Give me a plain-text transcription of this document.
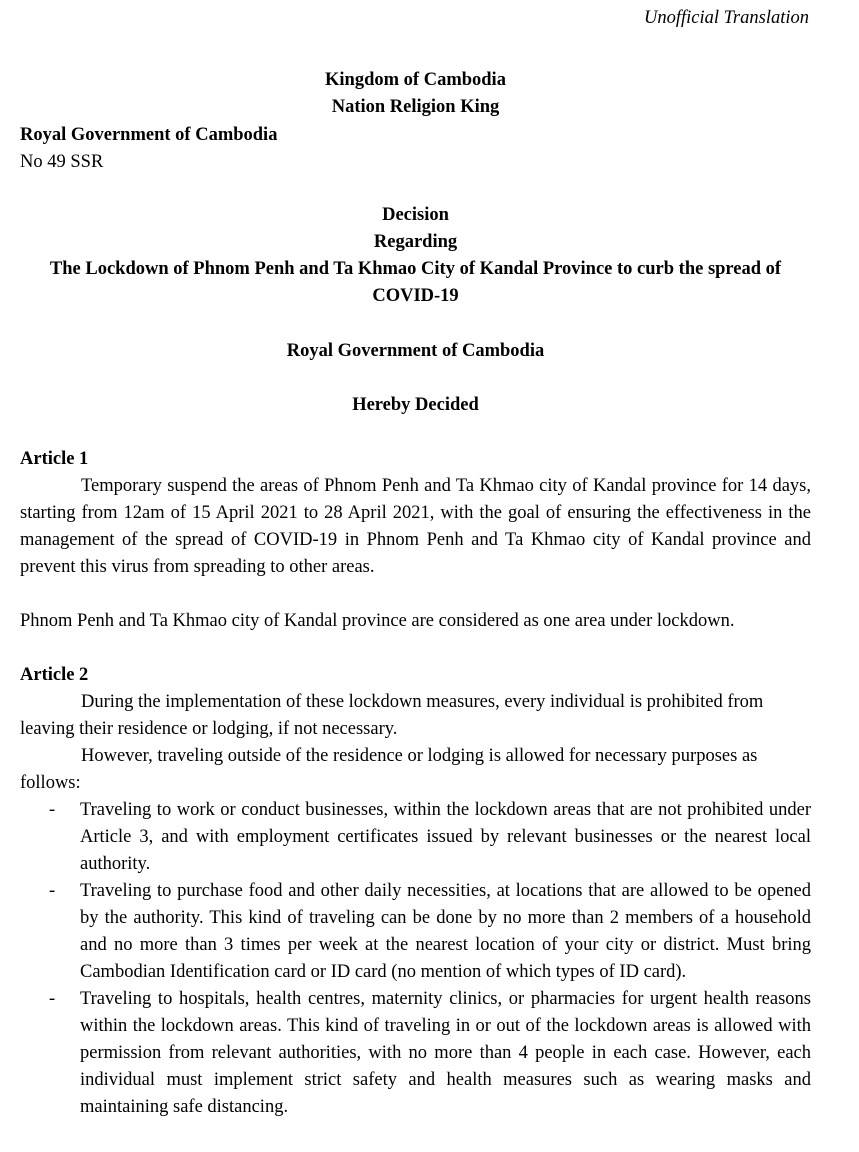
Unofficial Translation

Kingdom of Cambodia

Nation Religion King

Royal Government of Cambodia

No 49 SSR

Decision

Regarding

The Lockdown of Phnom Penh and Ta Khmao City of Kandal Province to curb the spread of COVID-19

Royal Government of Cambodia

Hereby Decided

Article 1

Temporary suspend the areas of Phnom Penh and Ta Khmao city of Kandal province for 14 days, starting from 12am of 15 April 2021 to 28 April 2021, with the goal of ensuring the effectiveness in the management of the spread of COVID-19 in Phnom Penh and Ta Khmao city of Kandal province and prevent this virus from spreading to other areas.

Phnom Penh and Ta Khmao city of Kandal province are considered as one area under lockdown.

Article 2

During the implementation of these lockdown measures, every individual is prohibited from leaving their residence or lodging, if not necessary.

However, traveling outside of the residence or lodging is allowed for necessary purposes as follows:

- Traveling to work or conduct businesses, within the lockdown areas that are not prohibited under Article 3, and with employment certificates issued by relevant businesses or the nearest local authority.
- Traveling to purchase food and other daily necessities, at locations that are allowed to be opened by the authority. This kind of traveling can be done by no more than 2 members of a household and no more than 3 times per week at the nearest location of your city or district. Must bring Cambodian Identification card or ID card (no mention of which types of ID card).
- Traveling to hospitals, health centres, maternity clinics, or pharmacies for urgent health reasons within the lockdown areas. This kind of traveling in or out of the lockdown areas is allowed with permission from relevant authorities, with no more than 4 people in each case. However, each individual must implement strict safety and health measures such as wearing masks and maintaining safe distancing.
